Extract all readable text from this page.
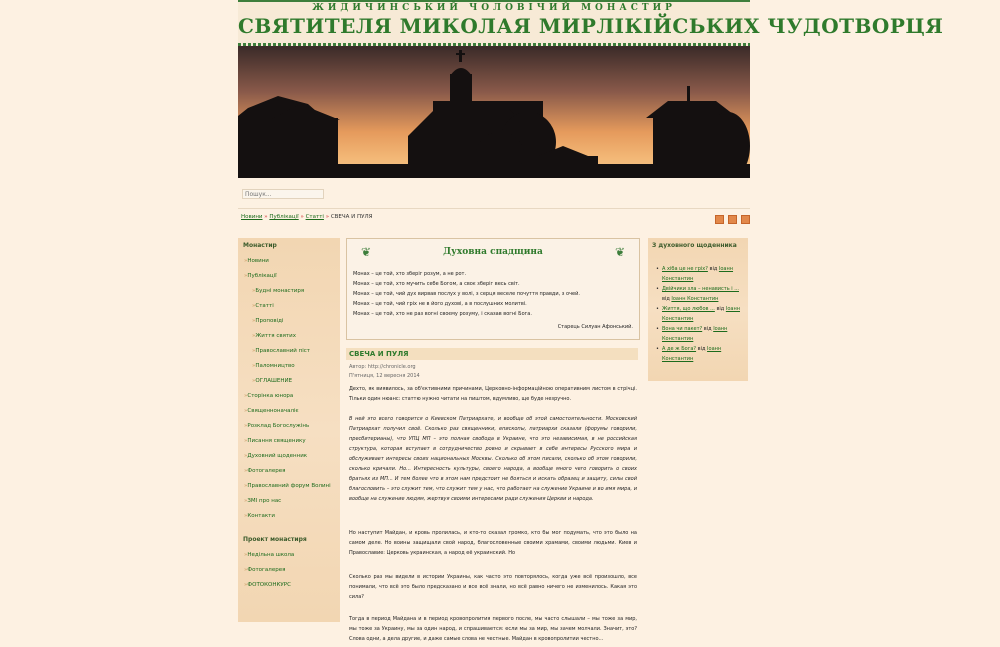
ЖИДИЧИНСЬКИЙ ЧОЛОВІЧИЙ МОНАСТИР
СВЯТИТЕЛЯ МИКОЛАЯ МИРЛІКІЙСЬКИХ ЧУДОТВОРЦЯ
Пошук...
Новини » Публікації » Статті » СВЕЧА И ПУЛЯ

Монастир
» Новини
» Публікації
» Будні монастиря
» Статті
» Проповіді
» Життя святих
» Православний піст
» Паломництво
» ОГЛАШЕНИЕ
» Сторінка юнора
» Священноначаліє
» Розклад Богослужінь
» Писання священику
» Духовний щоденник
» Фотогалерея
» Православний форум Волині
» ЗМІ про нас
» Контакти
Проект монастиря
» Недільна школа
» Фотогалерея
» ФОТОКОНКУРС
❦	❦
Духовна спадщина
Монах – це той, хто зберіг розум, а не рот.
Монах – це той, хто мучить себе Богом, а своє зберіг весь світ.
Монах – це той, чий дух вирвав послух у волі, з серця веселе почуття правди, з очей.
Монах – це той, чий гріх не в його духові, а в послушних молитві.
Монах – це той, хто не раз вогні своєму розуму, і сказав вогні Бога.
Старець Силуан Афонський.
СВЕЧА И ПУЛЯ
Автор: http://chronicle.org
П'ятниця, 12 вересня 2014
Дехто, як виявилось, за об'єктивними причинами, Церковно-інформаційною оперативним листом в стрічці. Тільки один нюанс: статтю нужно читати на пиштом, вдумливо, ще буде незручно.
В ней это всего говорится о Киевском Патриархате, и вообще об этой самостоятельности. Московский Патриархат получил своё. Сколько раз священники, епископы, патриархи сказали (форумы говорили, пресбитерианы), что УПЦ МП – это полная свобода в Украине, что это независимая, в не российская структура, которая вступает в сотрудничество ровно и скрывает в себе интересы Русского мира и обслуживает интересы своих национальных Москвы. Сколько об этом писали, сколько об этом говорили, сколько кричали. Но... Интересность культуры, своего народа, а вообще много чего говорить о своих братьях из МП... И тем более что в этом нам предстоит не бояться и искать образец и защиту, силы свой благословить – это служит тем, что служит тем у нас, что работает на служение Украине и во имя мира, и вообще на служение людям, жертвуя своими интересами ради служения Церкви и народа.
Но наступит Майдан, и кровь пролилась, и кто-то сказал громко, кто бы мог подумать, что это было на самом деле. Но воины защищали свой народ, благословенные своими храмами, своими людьми. Киев и Православие: Церковь украинская, а народ её украинский. Но
Сколько раз мы видели в истории Украины, как часто это повторялось, когда уже всё произошло, все понимали, что всё это было предсказано и все всё знали, но всё равно ничего не изменилось. Какая это сила?
Тогда в период Майдана и в период кровопролития первого после, мы часто слышали – мы тоже за мир, мы тоже за Украину, мы за один народ, и спрашивается: если мы за мир, мы зачем молчали. Значит, это? Слова одни, а дела другие, и даже самые слова не честные. Майдан в кровопролитии честно...
З духовного щоденника
• А хіба це не гріх? від Іоанн Константин
• Двійчики зла – ненависть і ... від Іоанн Константин
• Життя, що любов ... від Іоанн Константин
• Вона чи пакет? від Іоанн Константин
• А де ж Бога? від Іоанн Константин
